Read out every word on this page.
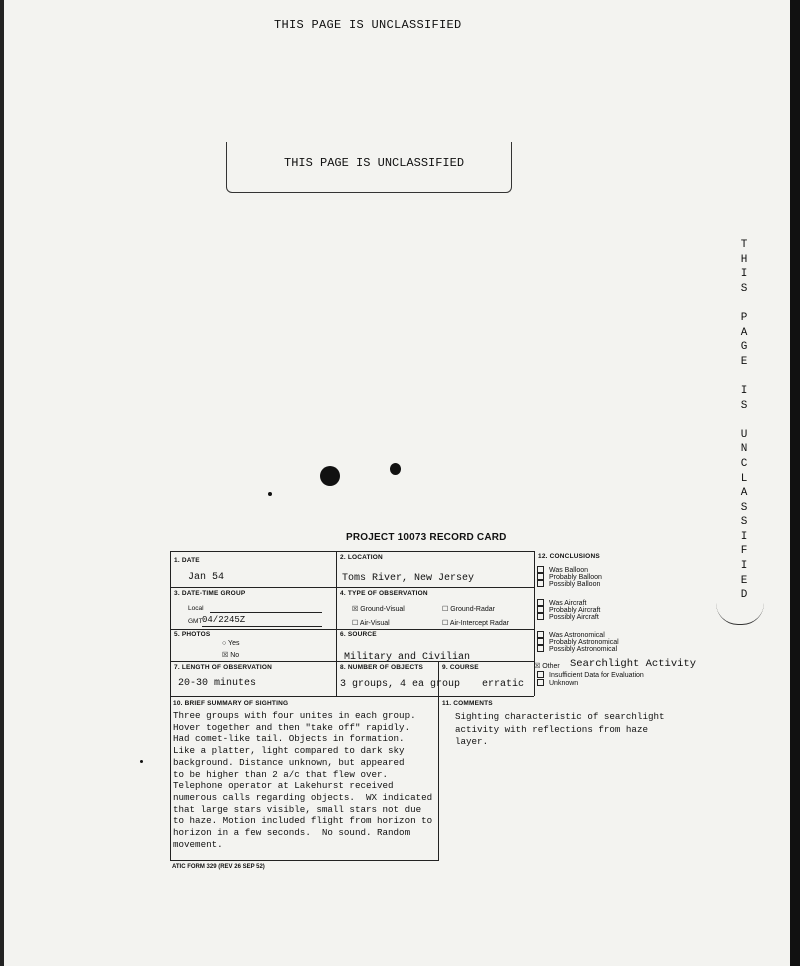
THIS PAGE IS UNCLASSIFIED
THIS PAGE IS UNCLASSIFIED
T
H
I
S

P
A
G
E

I
S

U
N
C
L
A
S
S
I
F
I
E
D
PROJECT 10073 RECORD CARD
1. DATE
Jan 54
2. LOCATION
Toms River, New Jersey
3. DATE-TIME GROUP
Local
GMT 04/2245Z
4. TYPE OF OBSERVATION
☒ Ground-Visual	☐ Ground-Radar
☐ Air-Visual	☐ Air-Intercept Radar
5. PHOTOS
○ Yes
☒ No
6. SOURCE
Military and Civilian
7. LENGTH OF OBSERVATION
20-30 minutes
8. NUMBER OF OBJECTS	9. COURSE
3 groups, 4 ea group erratic
10. BRIEF SUMMARY OF SIGHTING
Three groups with four unites in each group.
Hover together and then "take off" rapidly.
Had comet-like tail. Objects in formation.
Like a platter, light compared to dark sky
background. Distance unknown, but appeared
to be higher than 2 a/c that flew over.
Telephone operator at Lakehurst received
numerous calls regarding objects.  WX indicated
that large stars visible, small stars not due
to haze. Motion included flight from horizon to
horizon in a few seconds.  No sound. Random
movement.
11. COMMENTS
Sighting characteristic of searchlight
activity with reflections from haze
layer.
12. CONCLUSIONS
Was Balloon
Probably Balloon
Possibly Balloon
Was Aircraft
Probably Aircraft
Possibly Aircraft
Was Astronomical
Probably Astronomical
Possibly Astronomical
☒ Other Searchlight Activity
Insufficient Data for Evaluation
Unknown
ATIC FORM 329 (REV 26 SEP 52)
